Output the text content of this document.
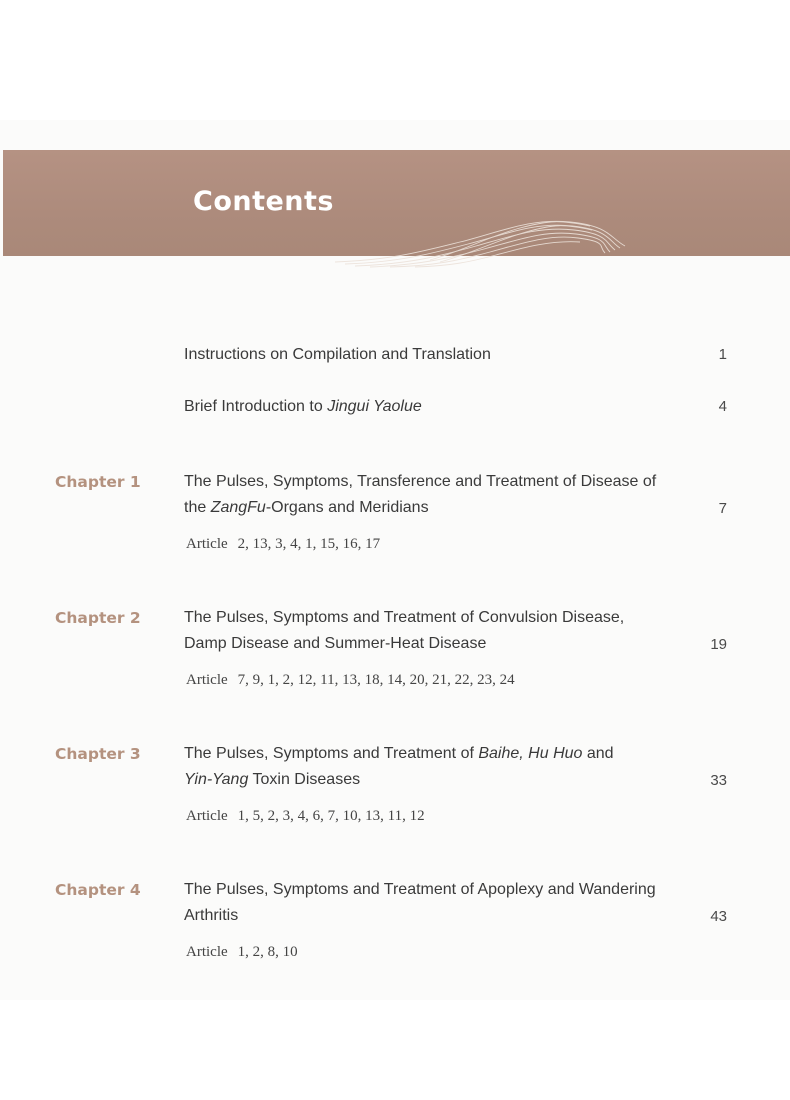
Contents
Instructions on Compilation and Translation	1
Brief Introduction to Jingui Yaolue	4
Chapter 1	The Pulses, Symptoms, Transference and Treatment of Disease of
the ZangFu-Organs and Meridians	7
Article 2, 13, 3, 4, 1, 15, 16, 17
Chapter 2	The Pulses, Symptoms and Treatment of Convulsion Disease,
Damp Disease and Summer-Heat Disease	19
Article 7, 9, 1, 2, 12, 11, 13, 18, 14, 20, 21, 22, 23, 24
Chapter 3	The Pulses, Symptoms and Treatment of Baihe, Hu Huo and
Yin-Yang Toxin Diseases	33
Article 1, 5, 2, 3, 4, 6, 7, 10, 13, 11, 12
Chapter 4	The Pulses, Symptoms and Treatment of Apoplexy and Wandering
Arthritis	43
Article 1, 2, 8, 10
